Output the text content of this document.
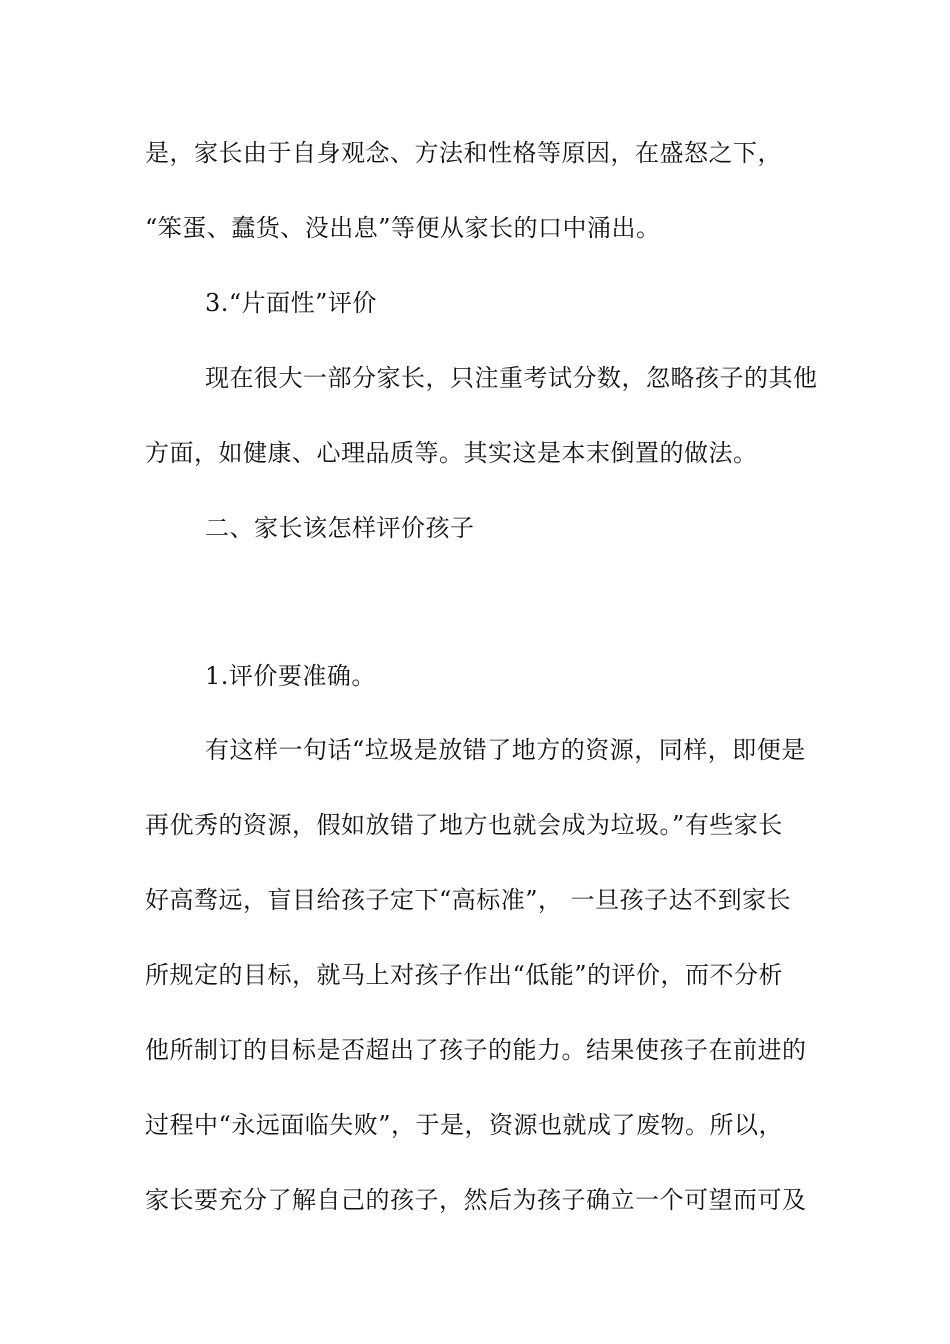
是，家长由于自身观念、方法和性格等原因，在盛怒之下，
“笨蛋、蠢货、没出息”等便从家长的口中涌出。
3.“片面性”评价
现在很大一部分家长，只注重考试分数，忽略孩子的其他
方面，如健康、心理品质等。其实这是本末倒置的做法。
二、家长该怎样评价孩子
1.评价要准确。
有这样一句话“垃圾是放错了地方的资源，同样，即便是
再优秀的资源，假如放错了地方也就会成为垃圾。”有些家长
好高骛远，盲目给孩子定下“高标准”， 一旦孩子达不到家长
所规定的目标，就马上对孩子作出“低能”的评价，而不分析
他所制订的目标是否超出了孩子的能力。结果使孩子在前进的
过程中“永远面临失败”，于是，资源也就成了废物。所以，
家长要充分了解自己的孩子，然后为孩子确立一个可望而可及
